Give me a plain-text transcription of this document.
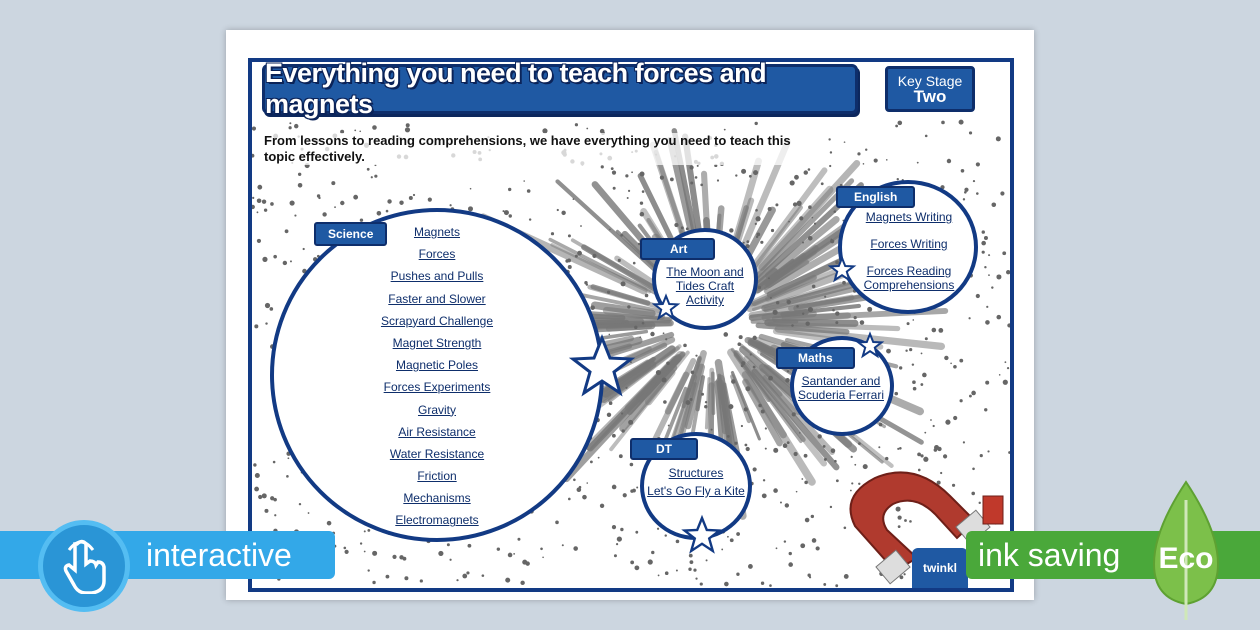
Everything you need to teach forces and magnets
Key Stage
Two
From lessons to reading comprehensions, we have everything you need to teach this topic effectively.
Science	Magnets
Forces
Pushes and Pulls
Faster and Slower
Scrapyard Challenge
Magnet Strength
Magnetic Poles
Forces Experiments
Gravity
Air Resistance
Water Resistance
Friction
Mechanisms
Electromagnets
Art
The Moon and Tides Craft Activity
English
Magnets Writing
Forces Writing
Forces Reading Comprehensions
Maths
Santander and Scuderia Ferrari
DT
Structures
Let's Go Fly a Kite
twinkl
interactive	ink saving Eco
